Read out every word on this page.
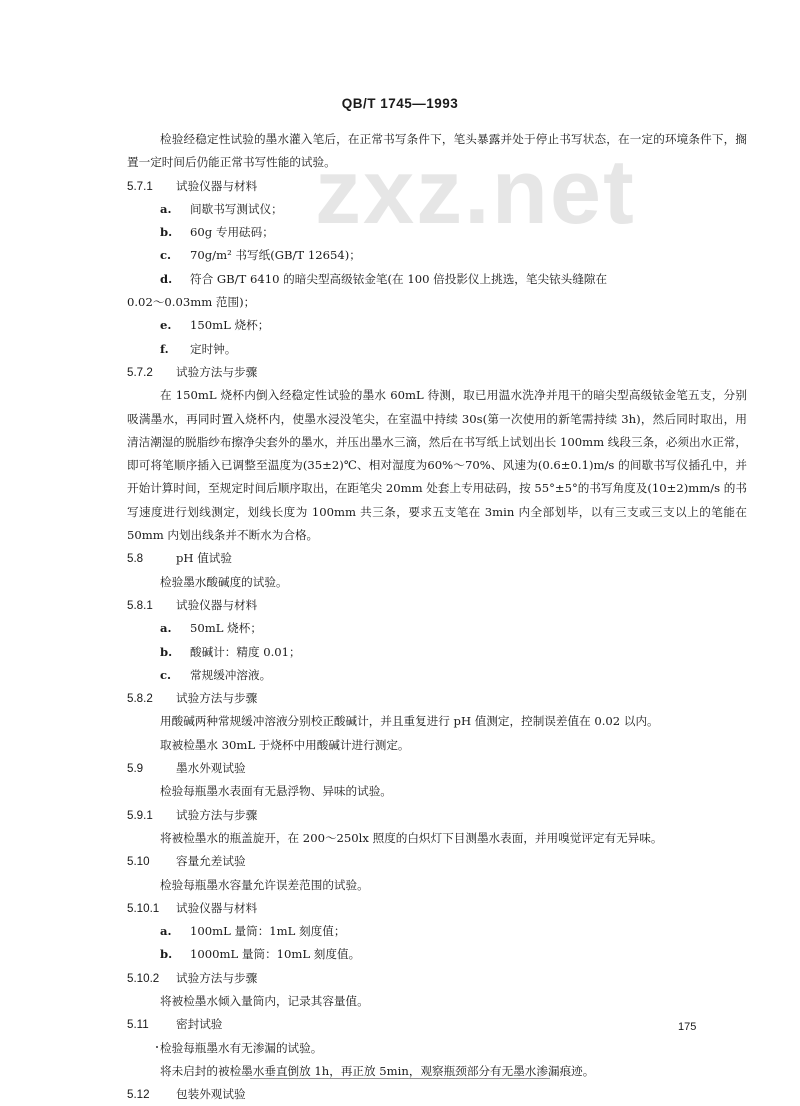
zxz.net
QB/T 1745—1993
检验经稳定性试验的墨水灌入笔后，在正常书写条件下，笔头暴露并处于停止书写状态，在一定的环境条件下，搁置一定时间后仍能正常书写性能的试验。
5.7.1 试验仪器与材料
a. 间歇书写测试仪；
b. 60g 专用砝码；
c. 70g/m² 书写纸(GB/T 12654)；
d. 符合 GB/T 6410 的暗尖型高级铱金笔(在 100 倍投影仪上挑选，笔尖铱头缝隙在
0.02～0.03mm 范围)；
e. 150mL 烧杯；
f. 定时钟。
5.7.2 试验方法与步骤
在 150mL 烧杯内倒入经稳定性试验的墨水 60mL 待测，取已用温水洗净并甩干的暗尖型高级铱金笔五支，分别吸满墨水，再同时置入烧杯内，使墨水浸没笔尖，在室温中持续 30s(第一次使用的新笔需持续 3h)，然后同时取出，用清洁潮湿的脱脂纱布擦净尖套外的墨水，并压出墨水三滴，然后在书写纸上试划出长 100mm 线段三条，必须出水正常，即可将笔顺序插入已调整至温度为(35±2)℃、相对湿度为60%～70%、风速为(0.6±0.1)m/s 的间歇书写仪插孔中，并开始计算时间，至规定时间后顺序取出，在距笔尖 20mm 处套上专用砝码，按 55°±5°的书写角度及(10±2)mm/s 的书写速度进行划线测定，划线长度为 100mm 共三条，要求五支笔在 3min 内全部划毕，以有三支或三支以上的笔能在 50mm 内划出线条并不断水为合格。
5.8	pH 值试验
检验墨水酸碱度的试验。
5.8.1 试验仪器与材料
a. 50mL 烧杯；
b. 酸碱计：精度 0.01；
c. 常规缓冲溶液。
5.8.2 试验方法与步骤
用酸碱两种常规缓冲溶液分别校正酸碱计，并且重复进行 pH 值测定，控制误差值在 0.02 以内。
取被检墨水 30mL 于烧杯中用酸碱计进行测定。
5.9	墨水外观试验
检验每瓶墨水表面有无悬浮物、异味的试验。
5.9.1 试验方法与步骤
将被检墨水的瓶盖旋开，在 200～250lx 照度的白炽灯下目测墨水表面，并用嗅觉评定有无异味。
5.10 容量允差试验
检验每瓶墨水容量允许误差范围的试验。
5.10.1 试验仪器与材料
a. 100mL 量筒：1mL 刻度值；
b. 1000mL 量筒：10mL 刻度值。
5.10.2 试验方法与步骤
将被检墨水倾入量筒内，记录其容量值。
5.11 密封试验
检验每瓶墨水有无渗漏的试验。
将未启封的被检墨水垂直倒放 1h，再正放 5min，观察瓶颈部分有无墨水渗漏痕迹。
5.12 包装外观试验
175
